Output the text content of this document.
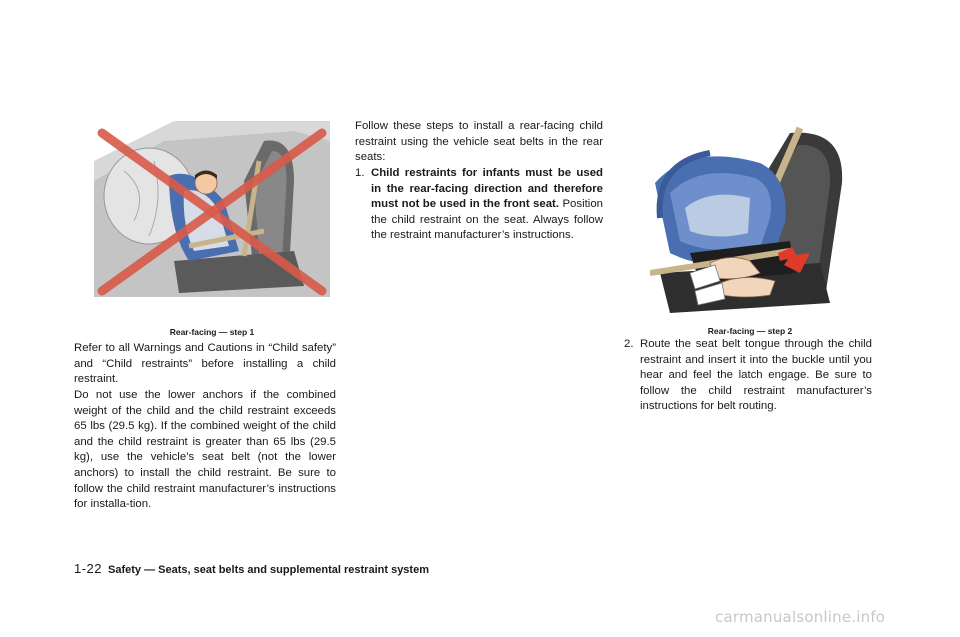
Rear-facing — step 1

Refer to all Warnings and Cautions in “Child safety” and “Child restraints” before installing a child restraint.

Do not use the lower anchors if the combined weight of the child and the child restraint exceeds 65 lbs (29.5 kg). If the combined weight of the child and the child restraint is greater than 65 lbs (29.5 kg), use the vehicle’s seat belt (not the lower anchors) to install the child restraint. Be sure to follow the child restraint manufacturer’s instructions for installa-tion.

Follow these steps to install a rear-facing child restraint using the vehicle seat belts in the rear seats:

1. Child restraints for infants must be used in the rear-facing direction and therefore must not be used in the front seat. Position the child restraint on the seat. Always follow the restraint manufacturer’s instructions.

Rear-facing — step 2
2. Route the seat belt tongue through the child restraint and insert it into the buckle until you hear and feel the latch engage. Be sure to follow the child restraint manufacturer’s instructions for belt routing.

1-22 Safety — Seats, seat belts and supplemental restraint system
carmanualsonline.info
